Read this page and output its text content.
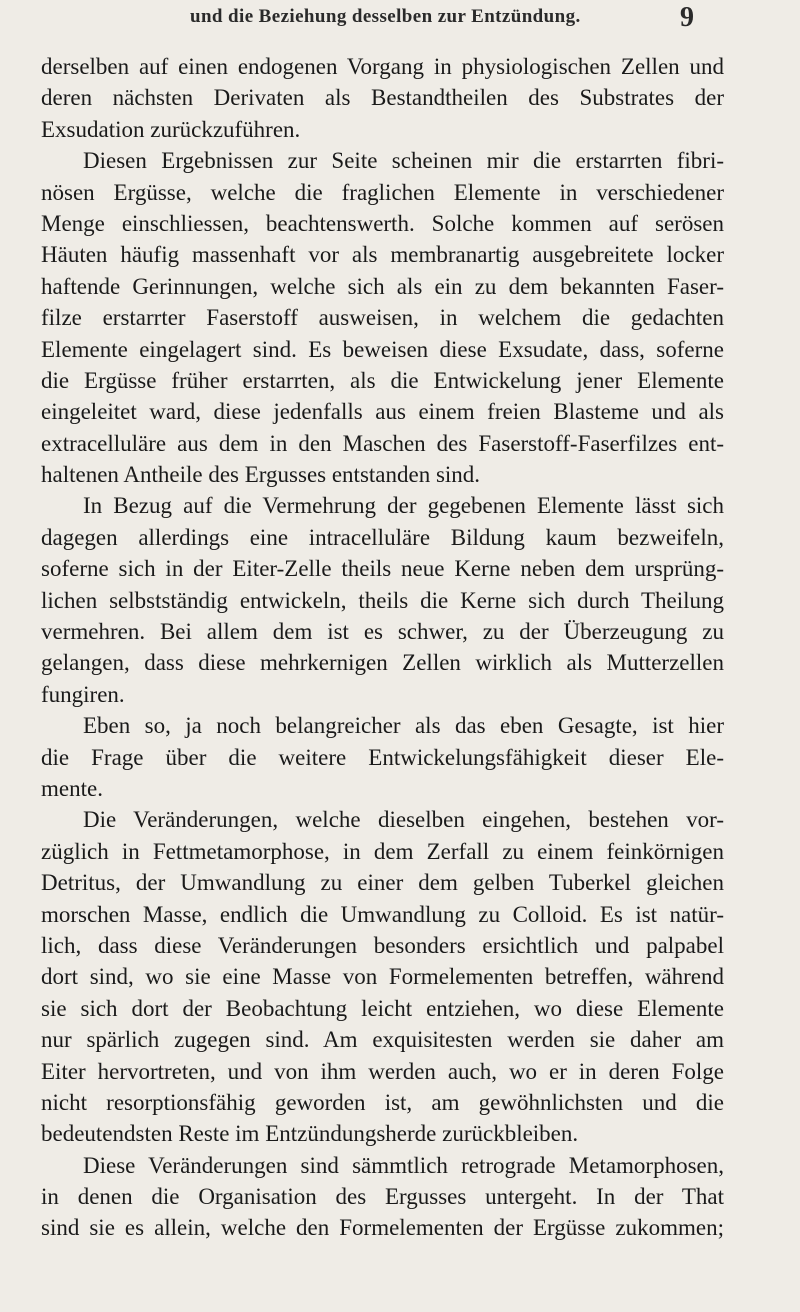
und die Beziehung desselben zur Entzündung.	9
derselben auf einen endogenen Vorgang in physiologischen Zellen und
deren nächsten Derivaten als Bestandtheilen des Substrates der
Exsudation zurückzuführen.
Diesen Ergebnissen zur Seite scheinen mir die erstarrten fibri-
nösen Ergüsse, welche die fraglichen Elemente in verschiedener
Menge einschliessen, beachtenswerth. Solche kommen auf serösen
Häuten häufig massenhaft vor als membranartig ausgebreitete locker
haftende Gerinnungen, welche sich als ein zu dem bekannten Faser-
filze erstarrter Faserstoff ausweisen, in welchem die gedachten
Elemente eingelagert sind. Es beweisen diese Exsudate, dass, soferne
die Ergüsse früher erstarrten, als die Entwickelung jener Elemente
eingeleitet ward, diese jedenfalls aus einem freien Blasteme und als
extracelluläre aus dem in den Maschen des Faserstoff-Faserfilzes ent-
haltenen Antheile des Ergusses entstanden sind.
In Bezug auf die Vermehrung der gegebenen Elemente lässt sich
dagegen allerdings eine intracelluläre Bildung kaum bezweifeln,
soferne sich in der Eiter-Zelle theils neue Kerne neben dem ursprüng-
lichen selbstständig entwickeln, theils die Kerne sich durch Theilung
vermehren. Bei allem dem ist es schwer, zu der Überzeugung zu
gelangen, dass diese mehrkernigen Zellen wirklich als Mutterzellen
fungiren.
Eben so, ja noch belangreicher als das eben Gesagte, ist hier
die Frage über die weitere Entwickelungsfähigkeit dieser Ele-
mente.
Die Veränderungen, welche dieselben eingehen, bestehen vor-
züglich in Fettmetamorphose, in dem Zerfall zu einem feinkörnigen
Detritus, der Umwandlung zu einer dem gelben Tuberkel gleichen
morschen Masse, endlich die Umwandlung zu Colloid. Es ist natür-
lich, dass diese Veränderungen besonders ersichtlich und palpabel
dort sind, wo sie eine Masse von Formelementen betreffen, während
sie sich dort der Beobachtung leicht entziehen, wo diese Elemente
nur spärlich zugegen sind. Am exquisitesten werden sie daher am
Eiter hervortreten, und von ihm werden auch, wo er in deren Folge
nicht resorptionsfähig geworden ist, am gewöhnlichsten und die
bedeutendsten Reste im Entzündungsherde zurückbleiben.
Diese Veränderungen sind sämmtlich retrograde Metamorphosen,
in denen die Organisation des Ergusses untergeht. In der That
sind sie es allein, welche den Formelementen der Ergüsse zukommen;
